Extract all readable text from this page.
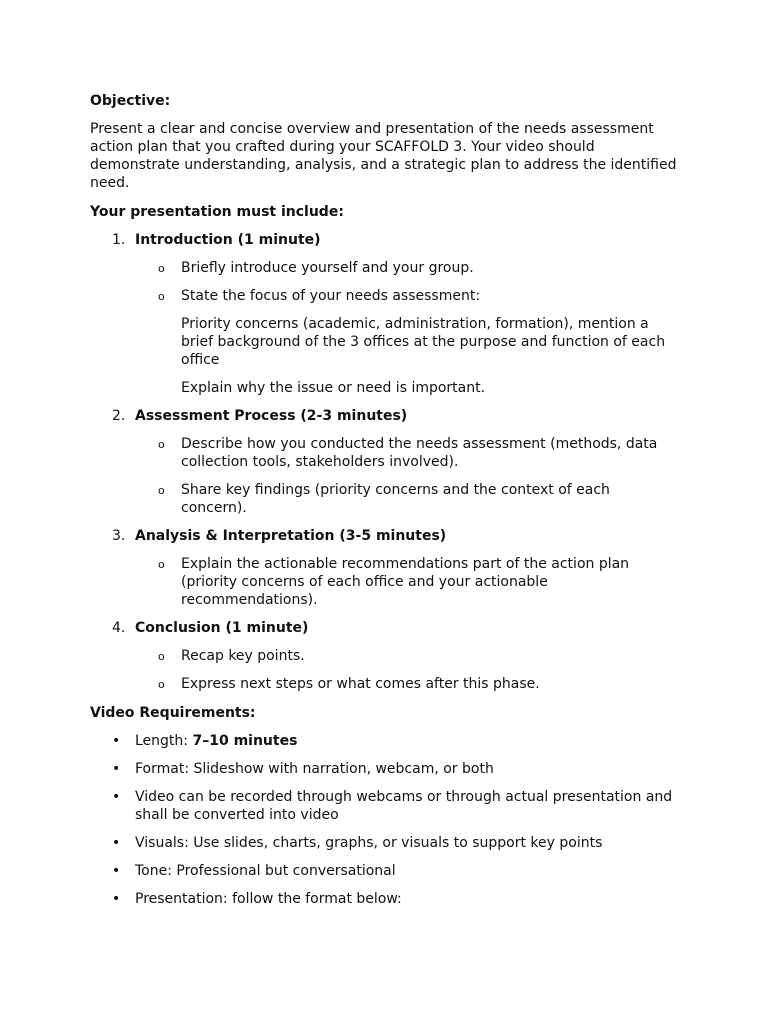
Objective:

Present a clear and concise overview and presentation of the needs assessment action plan that you crafted during your SCAFFOLD 3. Your video should demonstrate understanding, analysis, and a strategic plan to address the identified need.

Your presentation must include:

1. Introduction (1 minute)
o Briefly introduce yourself and your group.
o State the focus of your needs assessment:

Priority concerns (academic, administration, formation), mention a brief background of the 3 offices at the purpose and function of each office

Explain why the issue or need is important.

2. Assessment Process (2-3 minutes)
o Describe how you conducted the needs assessment (methods, data collection tools, stakeholders involved).
o Share key findings (priority concerns and the context of each concern).
3. Analysis & Interpretation (3-5 minutes)
o Explain the actionable recommendations part of the action plan (priority concerns of each office and your actionable recommendations).
4. Conclusion (1 minute)
o Recap key points.
o Express next steps or what comes after this phase.

Video Requirements:

• Length: 7–10 minutes
• Format: Slideshow with narration, webcam, or both
• Video can be recorded through webcams or through actual presentation and shall be converted into video
• Visuals: Use slides, charts, graphs, or visuals to support key points
• Tone: Professional but conversational
• Presentation: follow the format below:
